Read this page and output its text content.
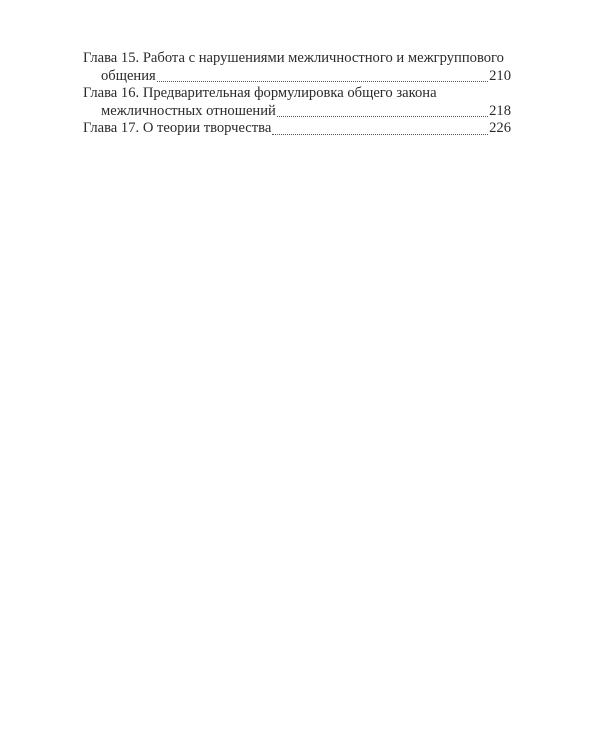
Глава 15. Работа с нарушениями межличностного и межгруппового
общения	210
Глава 16. Предварительная формулировка общего закона
межличностных отношений	218
Глава 17. О теории творчества	226
